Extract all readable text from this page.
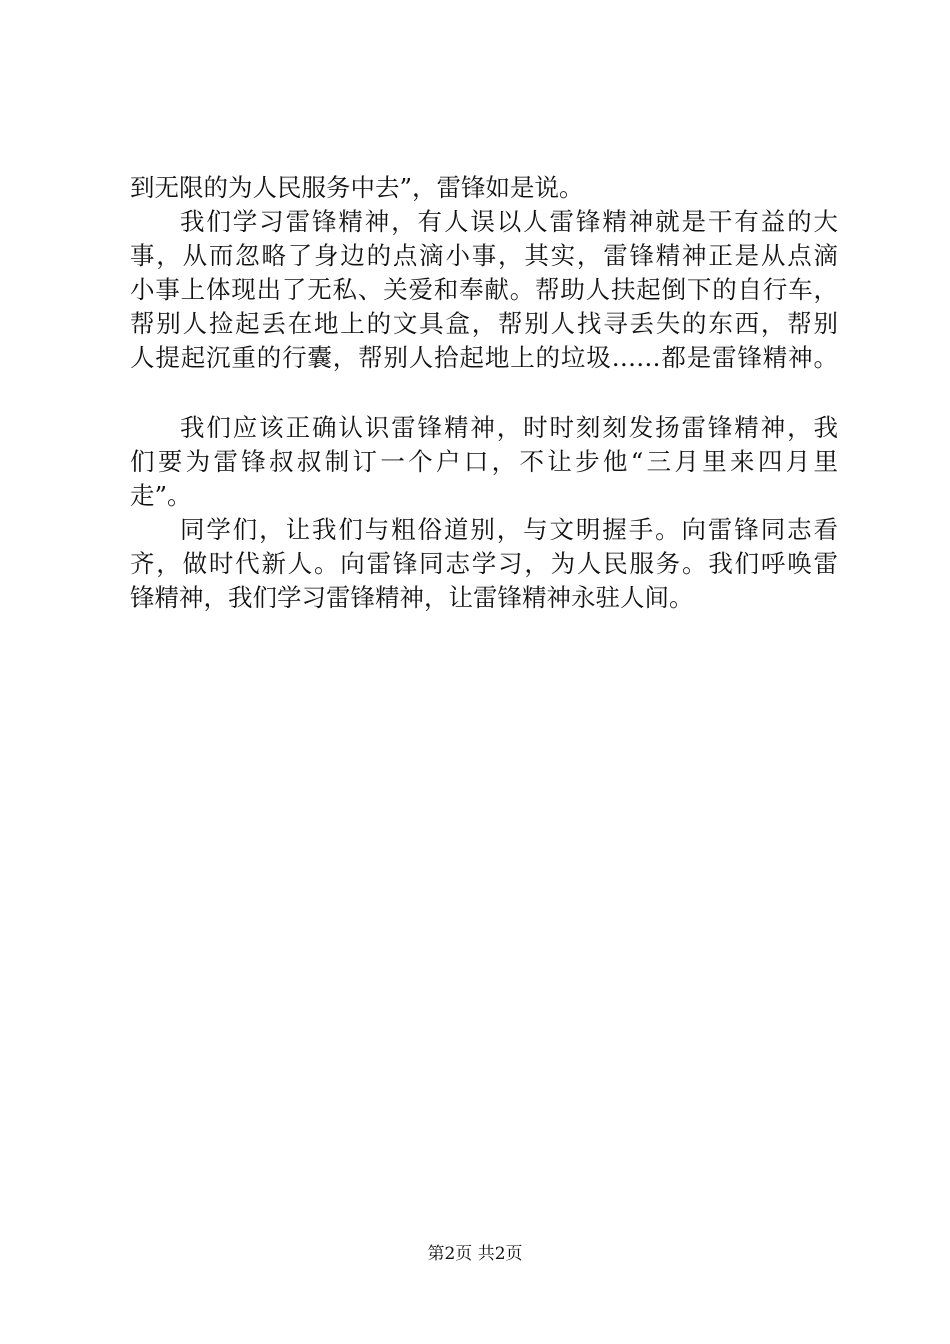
到无限的为人民服务中去”，雷锋如是说。
我们学习雷锋精神，有人误以人雷锋精神就是干有益的大
事，从而忽略了身边的点滴小事，其实，雷锋精神正是从点滴
小事上体现出了无私、关爱和奉献。帮助人扶起倒下的自行车，
帮别人捡起丢在地上的文具盒，帮别人找寻丢失的东西，帮别
人提起沉重的行囊，帮别人拾起地上的垃圾……都是雷锋精神。
我们应该正确认识雷锋精神，时时刻刻发扬雷锋精神，我
们要为雷锋叔叔制订一个户口，不让步他“三月里来四月里
走”。
同学们，让我们与粗俗道别，与文明握手。向雷锋同志看
齐，做时代新人。向雷锋同志学习，为人民服务。我们呼唤雷
锋精神，我们学习雷锋精神，让雷锋精神永驻人间。
第2页 共2页
